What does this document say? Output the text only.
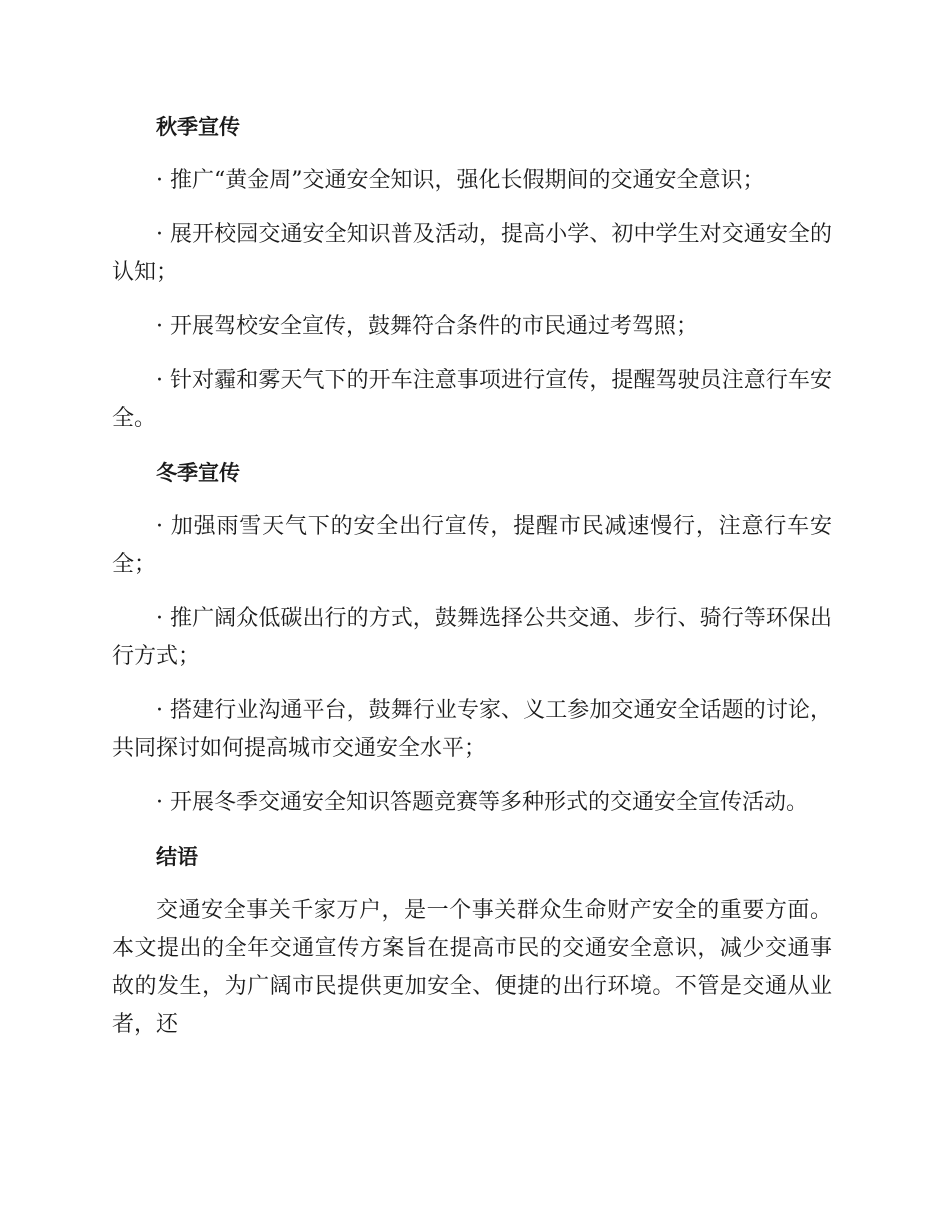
秋季宣传

· 推广“黄金周”交通安全知识，强化长假期间的交通安全意识；

· 展开校园交通安全知识普及活动，提高小学、初中学生对交通安全的认知；

· 开展驾校安全宣传，鼓舞符合条件的市民通过考驾照；

· 针对霾和雾天气下的开车注意事项进行宣传，提醒驾驶员注意行车安全。

冬季宣传

· 加强雨雪天气下的安全出行宣传，提醒市民减速慢行，注意行车安全；

· 推广阔众低碳出行的方式，鼓舞选择公共交通、步行、骑行等环保出行方式；

· 搭建行业沟通平台，鼓舞行业专家、义工参加交通安全话题的讨论，共同探讨如何提高城市交通安全水平；

· 开展冬季交通安全知识答题竞赛等多种形式的交通安全宣传活动。

结语

交通安全事关千家万户，是一个事关群众生命财产安全的重要方面。本文提出的全年交通宣传方案旨在提高市民的交通安全意识，减少交通事故的发生，为广阔市民提供更加安全、便捷的出行环境。不管是交通从业者，还
